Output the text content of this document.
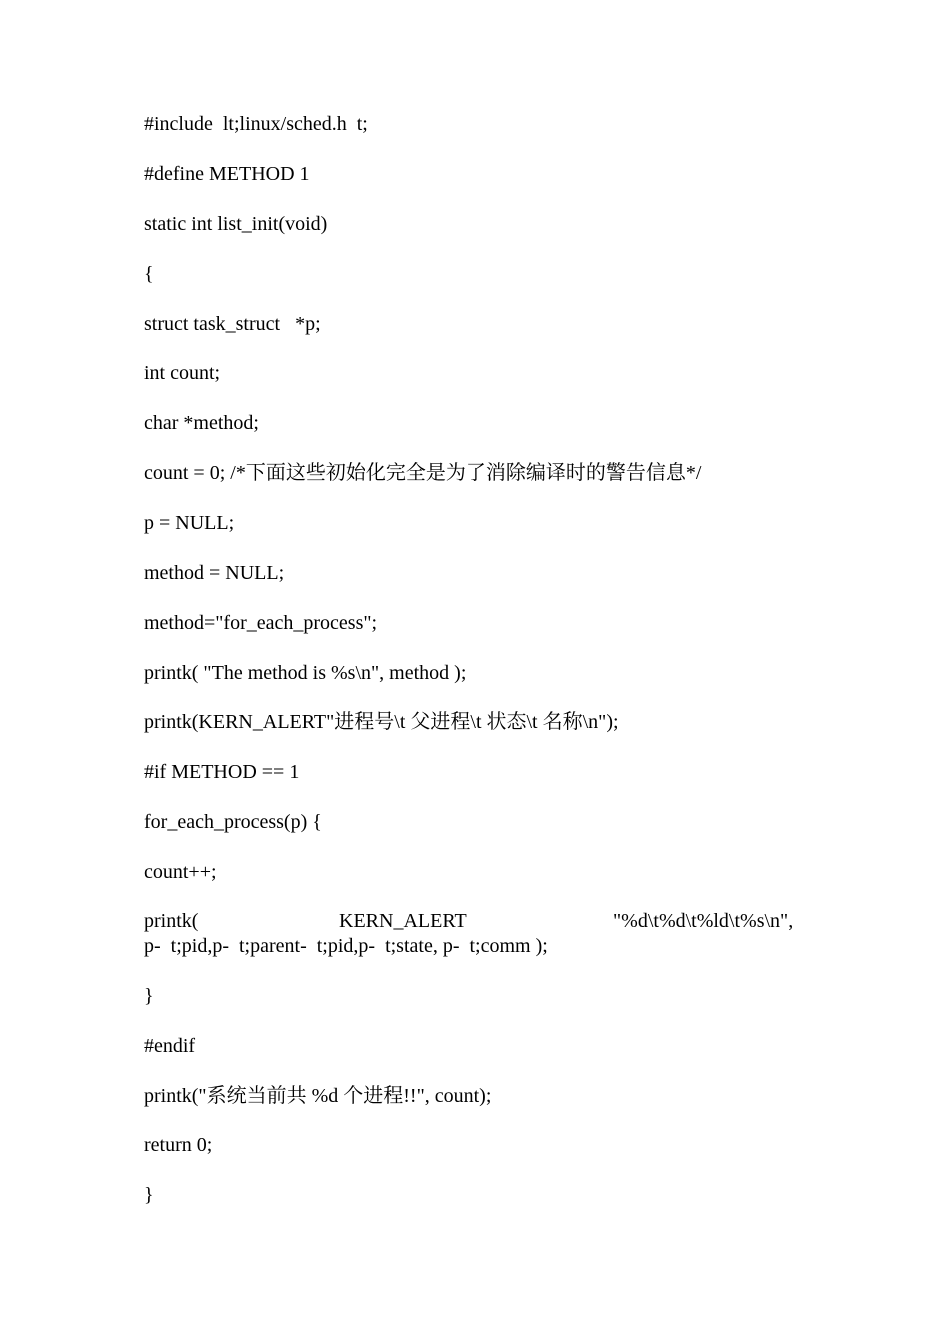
#include  lt;linux/sched.h  t;
#define METHOD 1
static int list_init(void)
{
struct task_struct   *p;
int count;
char *method;
count = 0; /*下面这些初始化完全是为了消除编译时的警告信息*/
p = NULL;
method = NULL;
method="for_each_process";
printk( "The method is %s\n", method );
printk(KERN_ALERT"进程号\t 父进程\t 状态\t 名称\n");
#if METHOD == 1
for_each_process(p) {
count++;

printk(

	KERN_ALERT

	"%d\t%d\t%ld\t%s\n",

p-  t;pid,p-  t;parent-  t;pid,p-  t;state, p-  t;comm );
}
#endif
printk("系统当前共 %d 个进程!!", count);
return 0;
}
